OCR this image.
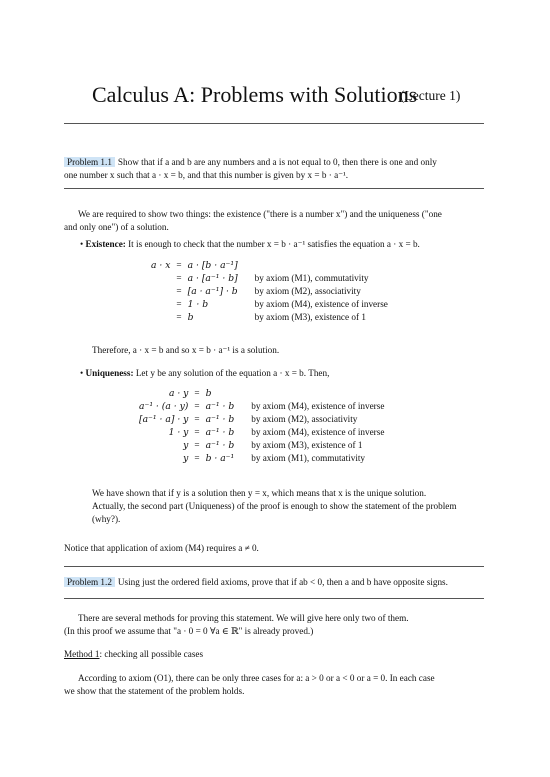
Calculus A: Problems with Solutions
(Lecture 1)
Problem 1.1 Show that if a and b are any numbers and a is not equal to 0, then there is one and only
one number x such that a · x = b, and that this number is given by x = b · a⁻¹.
We are required to show two things: the existence ("there is a number x") and the uniqueness ("one
and only one") of a solution.
• Existence: It is enough to check that the number x = b · a⁻¹ satisfies the equation a · x = b.
a · x	=	a · [b · a⁻¹]	
	=	a · [a⁻¹ · b]	by axiom (M1), commutativity
	=	[a · a⁻¹] · b	by axiom (M2), associativity
	=	1 · b	by axiom (M4), existence of inverse
	=	b	by axiom (M3), existence of 1
Therefore, a · x = b and so x = b · a⁻¹ is a solution.
• Uniqueness: Let y be any solution of the equation a · x = b. Then,
a · y	=	b	
a⁻¹ · (a · y)	=	a⁻¹ · b	by axiom (M4), existence of inverse
[a⁻¹ · a] · y	=	a⁻¹ · b	by axiom (M2), associativity
1 · y	=	a⁻¹ · b	by axiom (M4), existence of inverse
y	=	a⁻¹ · b	by axiom (M3), existence of 1
y	=	b · a⁻¹	by axiom (M1), commutativity
We have shown that if y is a solution then y = x, which means that x is the unique solution.
Actually, the second part (Uniqueness) of the proof is enough to show the statement of the problem
(why?).
Notice that application of axiom (M4) requires a ≠ 0.
Problem 1.2 Using just the ordered field axioms, prove that if ab < 0, then a and b have opposite signs.
There are several methods for proving this statement. We will give here only two of them.
(In this proof we assume that "a · 0 = 0 ∀a ∈ ℝ" is already proved.)
Method 1: checking all possible cases
According to axiom (O1), there can be only three cases for a: a > 0 or a < 0 or a = 0. In each case
we show that the statement of the problem holds.
